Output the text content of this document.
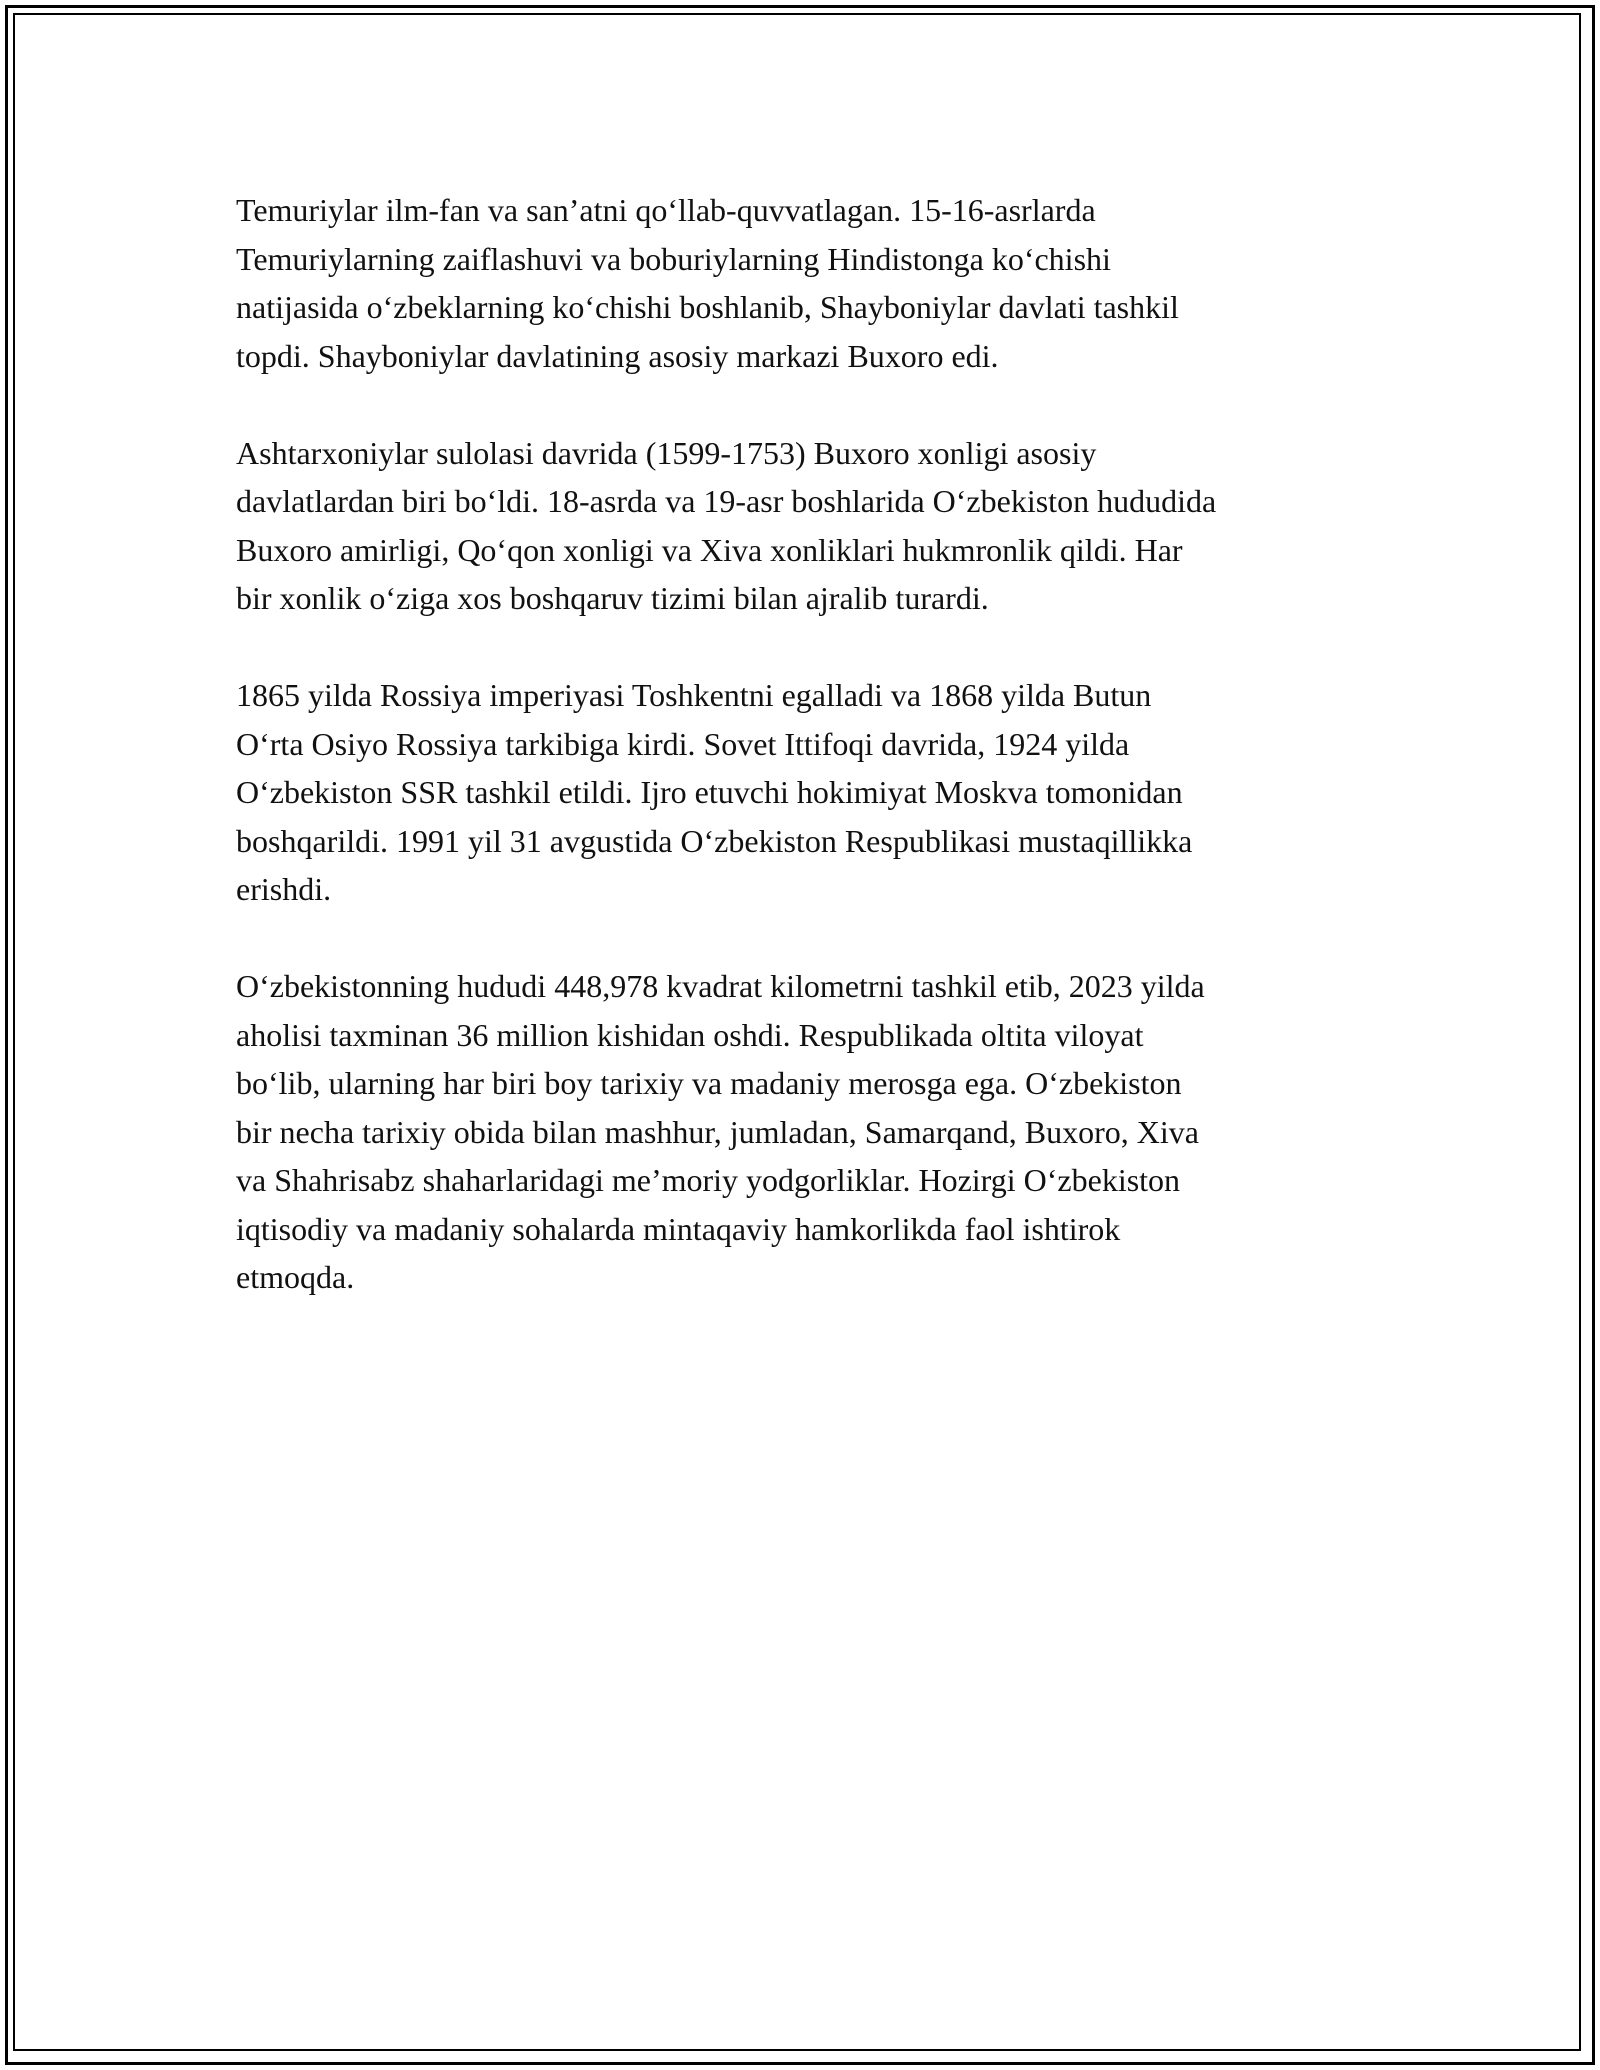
Temuriylar ilm-fan va san’atni qo‘llab-quvvatlagan. 15-16-asrlarda
Temuriylarning zaiflashuvi va boburiylarning Hindistonga ko‘chishi
natijasida o‘zbeklarning ko‘chishi boshlanib, Shayboniylar davlati tashkil
topdi. Shayboniylar davlatining asosiy markazi Buxoro edi.

Ashtarxoniylar sulolasi davrida (1599-1753) Buxoro xonligi asosiy
davlatlardan biri bo‘ldi. 18-asrda va 19-asr boshlarida O‘zbekiston hududida
Buxoro amirligi, Qo‘qon xonligi va Xiva xonliklari hukmronlik qildi. Har
bir xonlik o‘ziga xos boshqaruv tizimi bilan ajralib turardi.

1865 yilda Rossiya imperiyasi Toshkentni egalladi va 1868 yilda Butun
O‘rta Osiyo Rossiya tarkibiga kirdi. Sovet Ittifoqi davrida, 1924 yilda
O‘zbekiston SSR tashkil etildi. Ijro etuvchi hokimiyat Moskva tomonidan
boshqarildi. 1991 yil 31 avgustida O‘zbekiston Respublikasi mustaqillikka
erishdi.

O‘zbekistonning hududi 448,978 kvadrat kilometrni tashkil etib, 2023 yilda
aholisi taxminan 36 million kishidan oshdi. Respublikada oltita viloyat
bo‘lib, ularning har biri boy tarixiy va madaniy merosga ega. O‘zbekiston
bir necha tarixiy obida bilan mashhur, jumladan, Samarqand, Buxoro, Xiva
va Shahrisabz shaharlaridagi me’moriy yodgorliklar. Hozirgi O‘zbekiston
iqtisodiy va madaniy sohalarda mintaqaviy hamkorlikda faol ishtirok
etmoqda.
